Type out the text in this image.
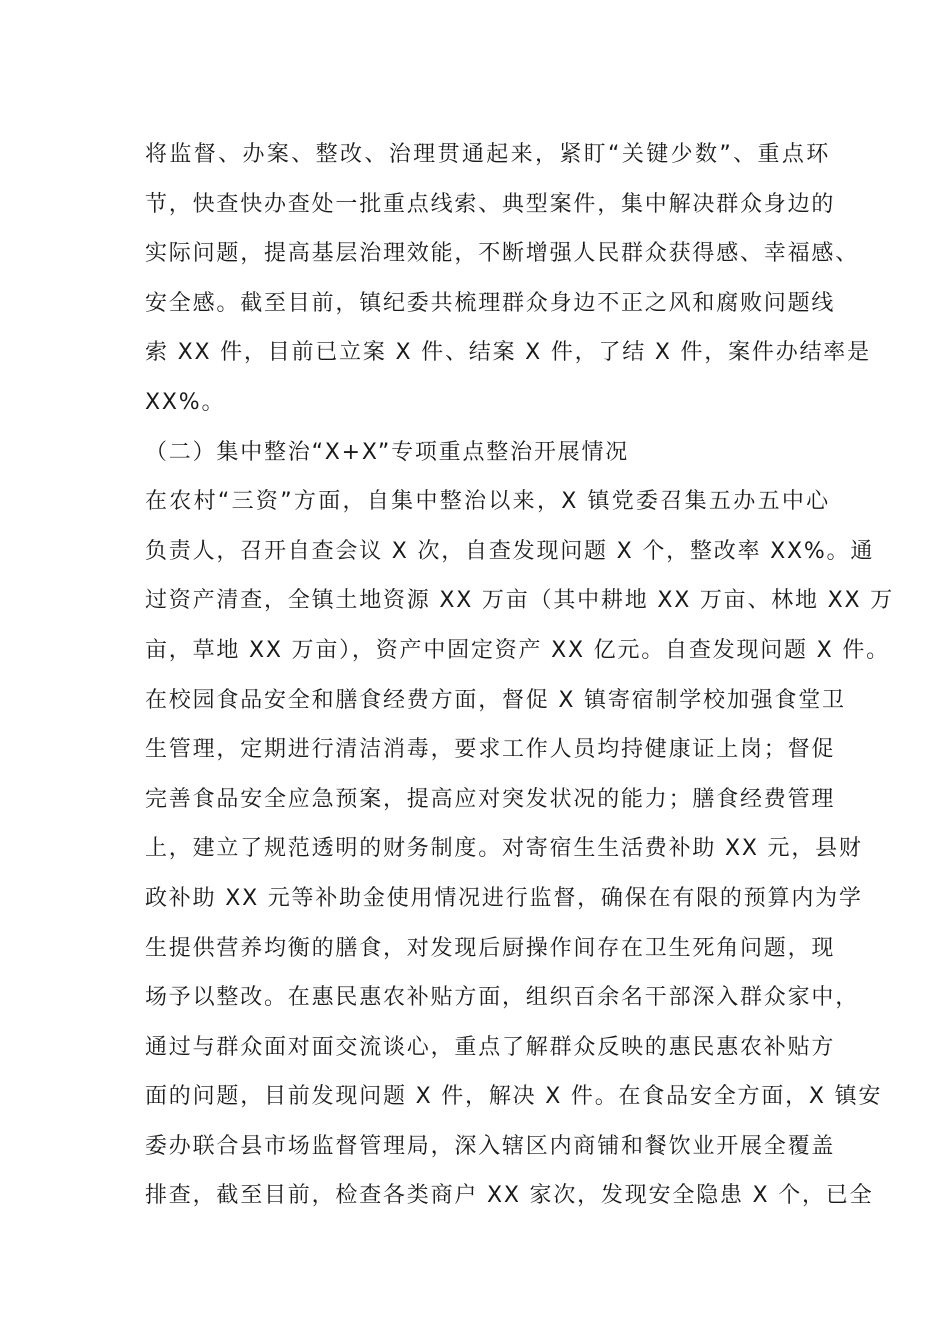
将监督、办案、整改、治理贯通起来，紧盯“关键少数”、重点环
节，快查快办查处一批重点线索、典型案件，集中解决群众身边的
实际问题，提高基层治理效能，不断增强人民群众获得感、幸福感、
安全感。截至目前，镇纪委共梳理群众身边不正之风和腐败问题线
索 XX 件，目前已立案 X 件、结案 X 件，了结 X 件，案件办结率是
XX%。
（二）集中整治“X+X”专项重点整治开展情况
在农村“三资”方面，自集中整治以来，X 镇党委召集五办五中心
负责人，召开自查会议 X 次，自查发现问题 X 个，整改率 XX%。通
过资产清查，全镇土地资源 XX 万亩（其中耕地 XX 万亩、林地 XX 万
亩，草地 XX 万亩），资产中固定资产 XX 亿元。自查发现问题 X 件。
在校园食品安全和膳食经费方面，督促 X 镇寄宿制学校加强食堂卫
生管理，定期进行清洁消毒，要求工作人员均持健康证上岗；督促
完善食品安全应急预案，提高应对突发状况的能力；膳食经费管理
上，建立了规范透明的财务制度。对寄宿生生活费补助 XX 元，县财
政补助 XX 元等补助金使用情况进行监督，确保在有限的预算内为学
生提供营养均衡的膳食，对发现后厨操作间存在卫生死角问题，现
场予以整改。在惠民惠农补贴方面，组织百余名干部深入群众家中，
通过与群众面对面交流谈心，重点了解群众反映的惠民惠农补贴方
面的问题，目前发现问题 X 件，解决 X 件。在食品安全方面，X 镇安
委办联合县市场监督管理局，深入辖区内商铺和餐饮业开展全覆盖
排查，截至目前，检查各类商户 XX 家次，发现安全隐患 X 个，已全
